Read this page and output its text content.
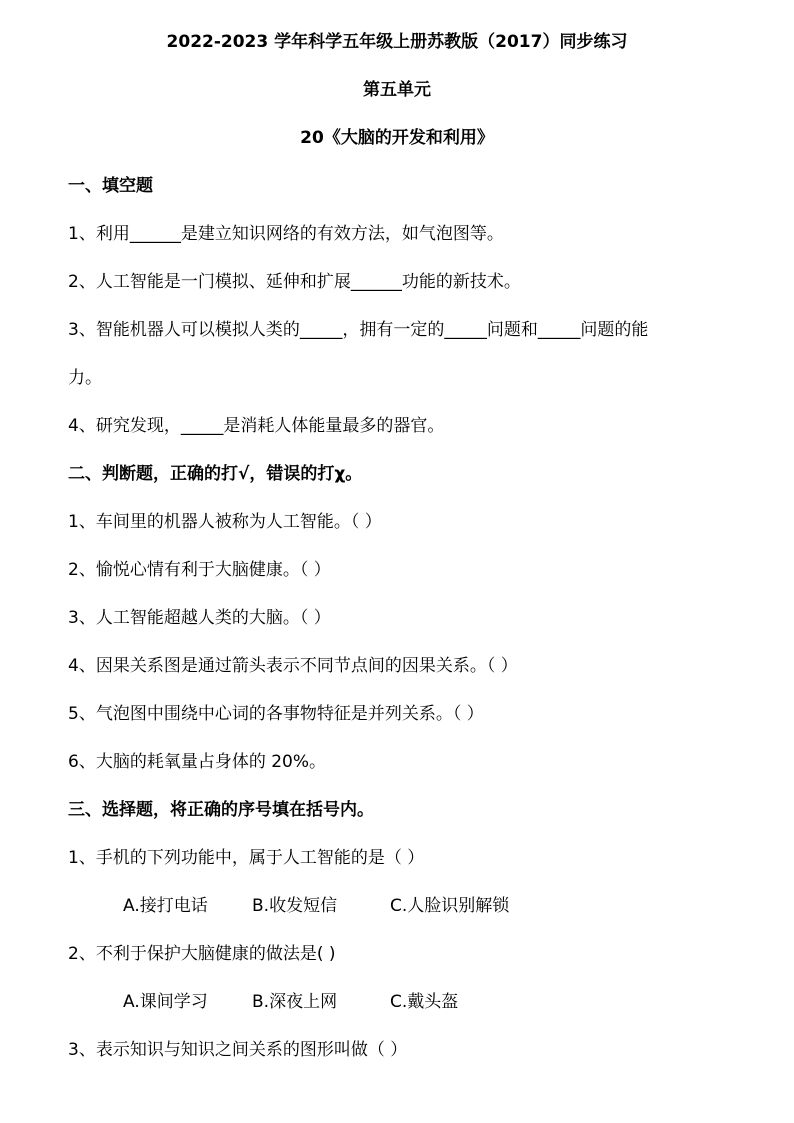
2022-2023 学年科学五年级上册苏教版（2017）同步练习
第五单元
20《大脑的开发和利用》
一、填空题
1、利用______是建立知识网络的有效方法，如气泡图等。
2、人工智能是一门模拟、延伸和扩展______功能的新技术。
3、智能机器人可以模拟人类的_____，拥有一定的_____问题和_____问题的能
力。
4、研究发现，_____是消耗人体能量最多的器官。
二、判断题，正确的打√，错误的打χ。
1、车间里的机器人被称为人工智能。（ ）
2、愉悦心情有利于大脑健康。（ ）
3、人工智能超越人类的大脑。（ ）
4、因果关系图是通过箭头表示不同节点间的因果关系。（ ）
5、气泡图中围绕中心词的各事物特征是并列关系。（ ）
6、大脑的耗氧量占身体的 20%。
三、选择题，将正确的序号填在括号内。
1、手机的下列功能中，属于人工智能的是（ ）
A.接打电话	B.收发短信	C.人脸识别解锁
2、不利于保护大脑健康的做法是( )
A.课间学习	B.深夜上网	C.戴头盔
3、表示知识与知识之间关系的图形叫做（ ）
